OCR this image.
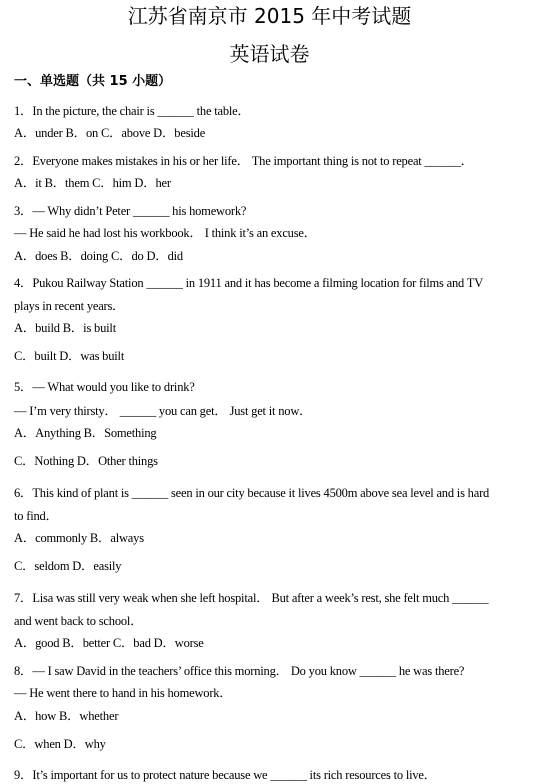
江苏省南京市 2015 年中考试题
英语试卷
一、单选题（共 15 小题）
1．In the picture, the chair is ______ the table．
A．under B．on C．above D．beside
2．Everyone makes mistakes in his or her life． The important thing is not to repeat ______．
A．it B．them C．him D．her
3．— Why didn’t Peter ______ his homework?
— He said he had lost his workbook． I think it’s an excuse．
A．does B．doing C．do D．did
4．Pukou Railway Station ______ in 1911 and it has become a filming location for films and TV
plays in recent years．
A．build B．is built
C．built D．was built
5．— What would you like to drink?
— I’m very thirsty． ______ you can get． Just get it now．
A．Anything B．Something
C．Nothing D．Other things
6．This kind of plant is ______ seen in our city because it lives 4500m above sea level and is hard
to find．
A．commonly B．always
C．seldom D．easily
7．Lisa was still very weak when she left hospital． But after a week’s rest, she felt much ______
and went back to school．
A．good B．better C．bad D．worse
8．— I saw David in the teachers’ office this morning． Do you know ______ he was there?
— He went there to hand in his homework．
A．how B．whether
C．when D．why
9．It’s important for us to protect nature because we ______ its rich resources to live．
